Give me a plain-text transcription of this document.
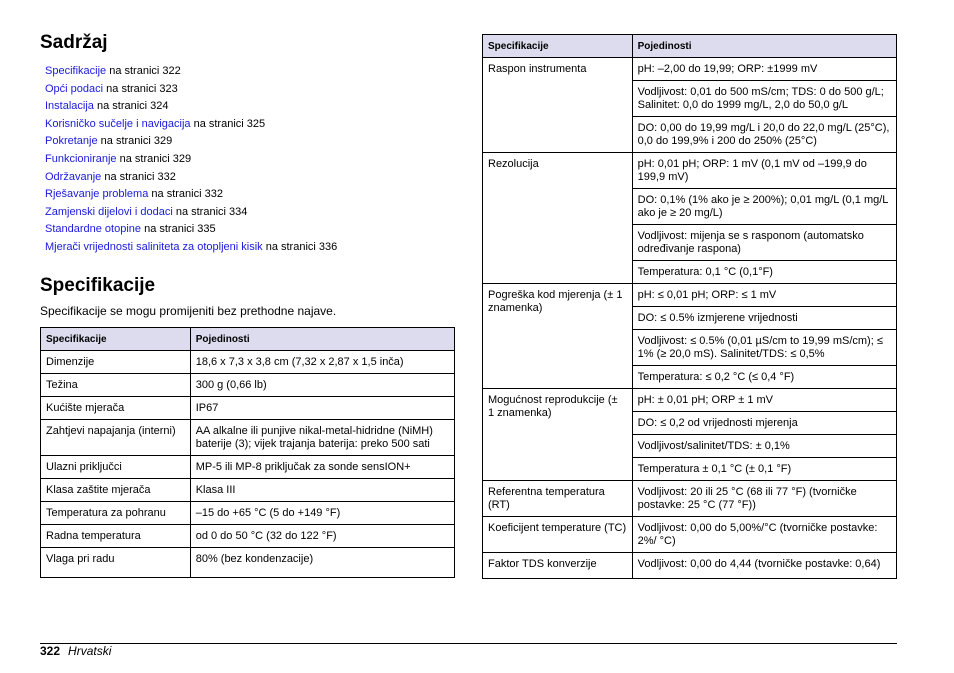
Sadržaj
Specifikacije na stranici 322
Opći podaci na stranici 323
Instalacija na stranici 324
Korisničko sučelje i navigacija na stranici 325
Pokretanje na stranici 329
Funkcioniranje na stranici 329
Održavanje na stranici 332
Rješavanje problema na stranici 332
Zamjenski dijelovi i dodaci na stranici 334
Standardne otopine na stranici 335
Mjerači vrijednosti saliniteta za otopljeni kisik na stranici 336
Specifikacije
Specifikacije se mogu promijeniti bez prethodne najave.
Specifikacije	Pojedinosti
Dimenzije	18,6 x 7,3 x 3,8 cm (7,32 x 2,87 x 1,5 inča)
Težina	300 g (0,66 lb)
Kućište mjerača	IP67
Zahtjevi napajanja (interni)	AA alkalne ili punjive nikal-metal-hidridne (NiMH) baterije (3); vijek trajanja baterija: preko 500 sati
Ulazni priključci	MP-5 ili MP-8 priključak za sonde sensION+
Klasa zaštite mjerača	Klasa III
Temperatura za pohranu	–15 do +65 °C (5 do +149 °F)
Radna temperatura	od 0 do 50 °C (32 do 122 °F)
Vlaga pri radu	80% (bez kondenzacije)
Specifikacije	Pojedinosti
Raspon instrumenta	pH: –2,00 do 19,99; ORP: ±1999 mV
	Vodljivost: 0,01 do 500 mS/cm; TDS: 0 do 500 g/L; Salinitet: 0,0 do 1999 mg/L, 2,0 do 50,0 g/L
	DO: 0,00 do 19,99 mg/L i 20,0 do 22,0 mg/L (25°C), 0,0 do 199,9% i 200 do 250% (25°C)
Rezolucija	pH: 0,01 pH; ORP: 1 mV (0,1 mV od –199,9 do 199,9 mV)
	DO: 0,1% (1% ako je ≥ 200%); 0,01 mg/L (0,1 mg/L ako je ≥ 20 mg/L)
	Vodljivost: mijenja se s rasponom (automatsko određivanje raspona)
	Temperatura: 0,1 °C (0,1°F)
Pogreška kod mjerenja (± 1 znamenka)	pH: ≤ 0,01 pH; ORP: ≤ 1 mV
	DO: ≤ 0.5% izmjerene vrijednosti
	Vodljivost: ≤ 0.5% (0,01 µS/cm to 19,99 mS/cm); ≤ 1% (≥ 20,0 mS). Salinitet/TDS: ≤ 0,5%
	Temperatura: ≤ 0,2 °C (≤ 0,4 °F)
Mogućnost reprodukcije (± 1 znamenka)	pH: ± 0,01 pH; ORP ± 1 mV
	DO: ≤ 0,2 od vrijednosti mjerenja
	Vodljivost/salinitet/TDS: ± 0,1%
	Temperatura ± 0,1 °C (± 0,1 °F)
Referentna temperatura (RT)	Vodljivost: 20 ili 25 °C (68 ili 77 °F) (tvorničke postavke: 25 °C (77 °F))
Koeficijent temperature (TC)	Vodljivost: 0,00 do 5,00%/°C (tvorničke postavke: 2%/ °C)
Faktor TDS konverzije	Vodljivost: 0,00 do 4,44 (tvorničke postavke: 0,64)
322 Hrvatski
